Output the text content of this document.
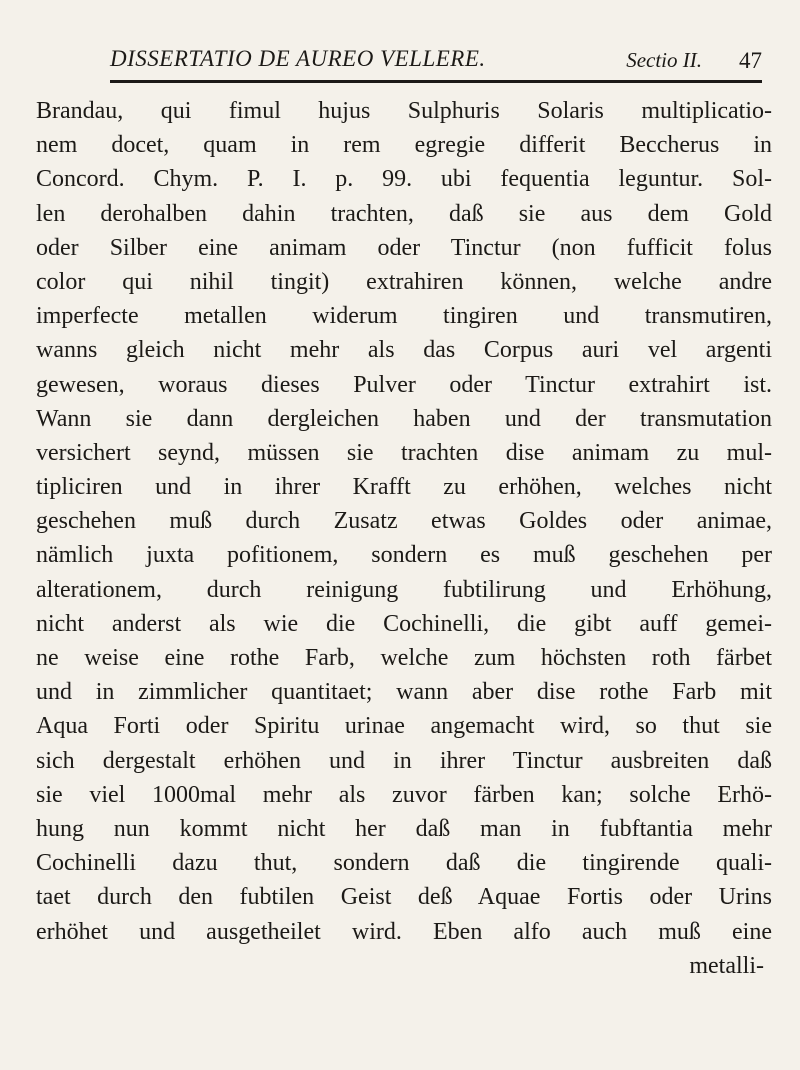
DISSERTATIO DE AUREO VELLERE.	Sectio II. 47
Brandau, qui fimul hujus Sulphuris Solaris multiplicatio-
nem docet, quam in rem egregie differit Beccherus in
Concord. Chym. P. I. p. 99. ubi fequentia leguntur. Sol-
len derohalben dahin trachten, daß sie aus dem Gold
oder Silber eine animam oder Tinctur (non fufficit folus
color qui nihil tingit) extrahiren können, welche andre
imperfecte metallen widerum tingiren und transmutiren,
wanns gleich nicht mehr als das Corpus auri vel argenti
gewesen, woraus dieses Pulver oder Tinctur extrahirt ist.
Wann sie dann dergleichen haben und der transmutation
versichert seynd, müssen sie trachten dise animam zu mul-
tipliciren und in ihrer Krafft zu erhöhen, welches nicht
geschehen muß durch Zusatz etwas Goldes oder animae,
nämlich juxta pofitionem, sondern es muß geschehen per
alterationem, durch reinigung fubtilirung und Erhöhung,
nicht anderst als wie die Cochinelli, die gibt auff gemei-
ne weise eine rothe Farb, welche zum höchsten roth färbet
und in zimmlicher quantitaet; wann aber dise rothe Farb mit
Aqua Forti oder Spiritu urinae angemacht wird, so thut sie
sich dergestalt erhöhen und in ihrer Tinctur ausbreiten daß
sie viel 1000mal mehr als zuvor färben kan; solche Erhö-
hung nun kommt nicht her daß man in fubftantia mehr
Cochinelli dazu thut, sondern daß die tingirende quali-
taet durch den fubtilen Geist deß Aquae Fortis oder Urins
erhöhet und ausgetheilet wird. Eben alfo auch muß eine
metalli-
